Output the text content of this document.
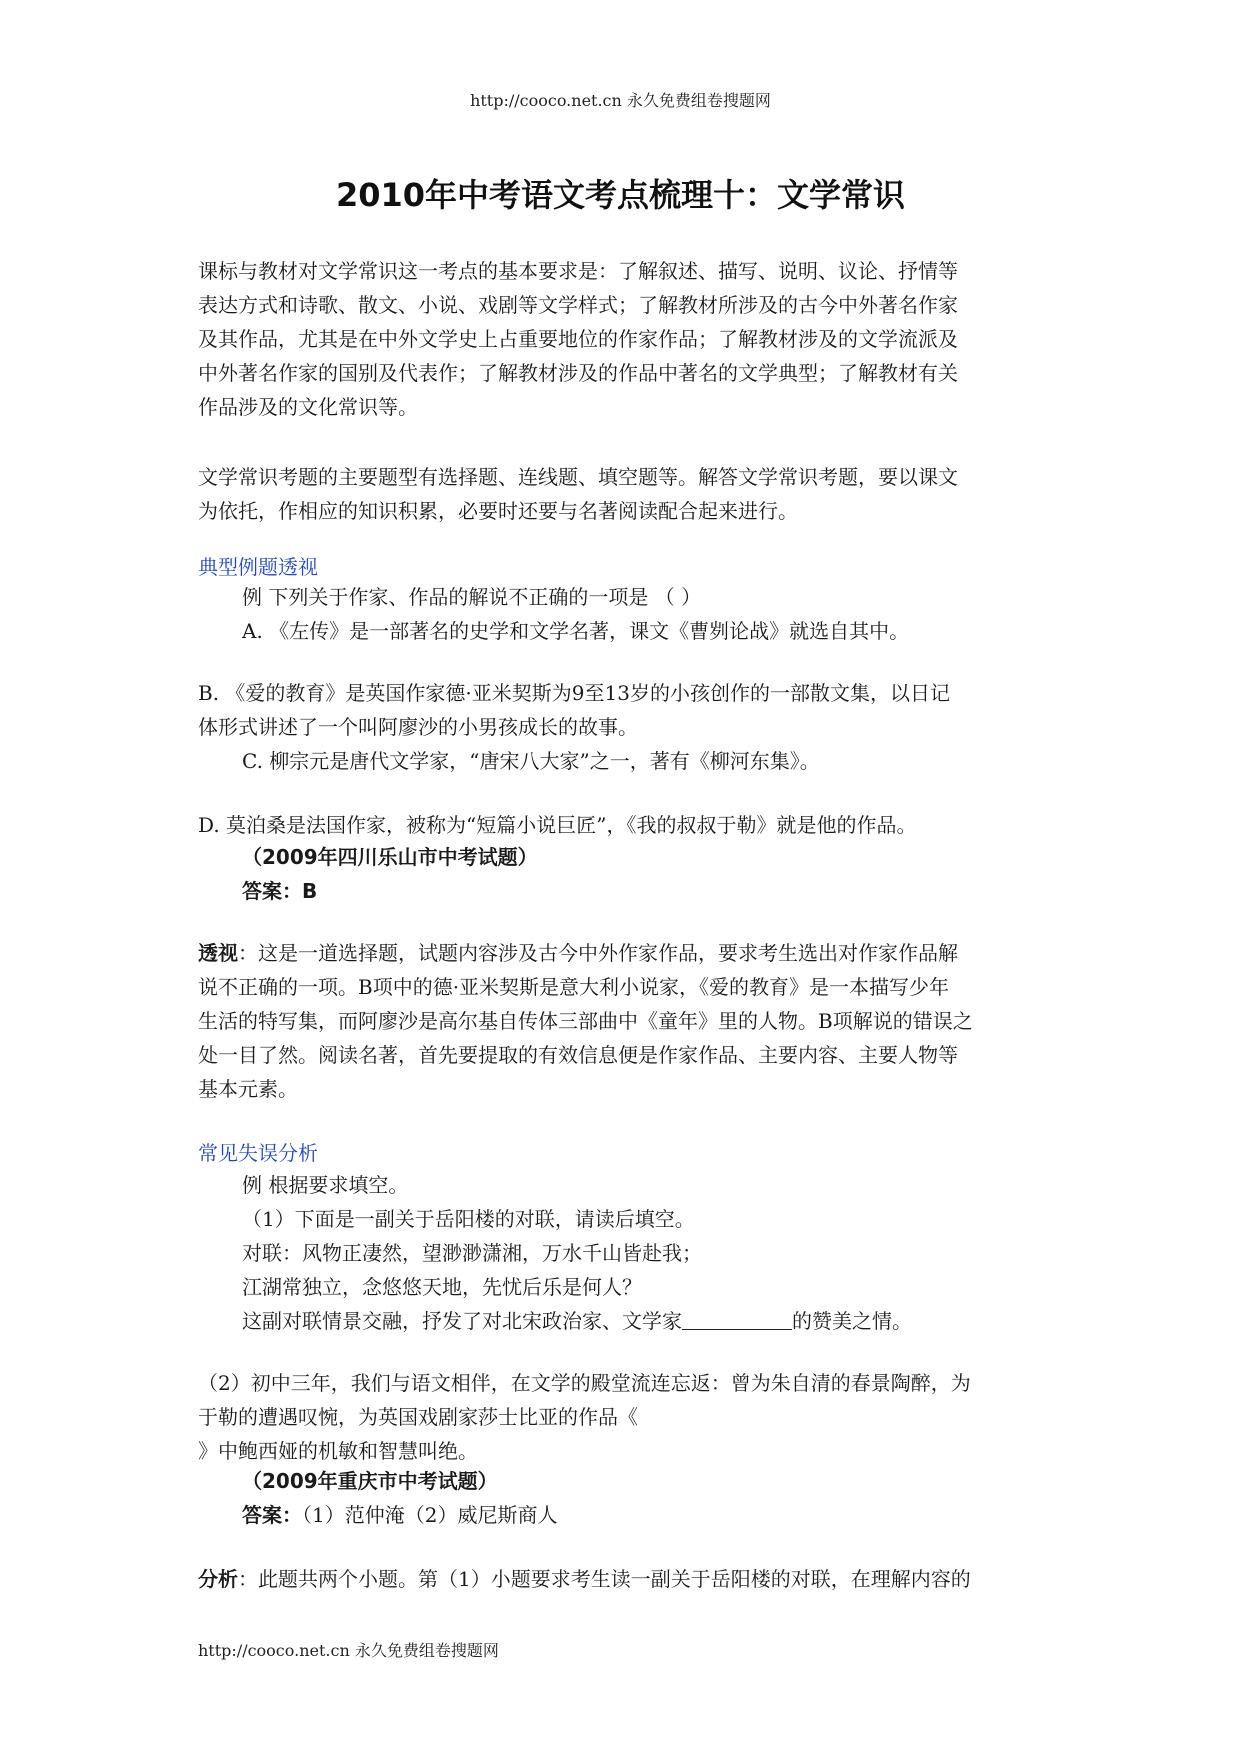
http://cooco.net.cn 永久免费组卷搜题网
2010年中考语文考点梳理十：文学常识
课标与教材对文学常识这一考点的基本要求是：了解叙述、描写、说明、议论、抒情等
表达方式和诗歌、散文、小说、戏剧等文学样式；了解教材所涉及的古今中外著名作家
及其作品，尤其是在中外文学史上占重要地位的作家作品；了解教材涉及的文学流派及
中外著名作家的国别及代表作；了解教材涉及的作品中著名的文学典型；了解教材有关
作品涉及的文化常识等。
文学常识考题的主要题型有选择题、连线题、填空题等。解答文学常识考题，要以课文
为依托，作相应的知识积累，必要时还要与名著阅读配合起来进行。
典型例题透视
例 下列关于作家、作品的解说不正确的一项是 （ ）
A. 《左传》是一部著名的史学和文学名著，课文《曹刿论战》就选自其中。
B. 《爱的教育》是英国作家德·亚米契斯为9至13岁的小孩创作的一部散文集，以日记
体形式讲述了一个叫阿廖沙的小男孩成长的故事。
C. 柳宗元是唐代文学家，“唐宋八大家”之一，著有《柳河东集》。
D. 莫泊桑是法国作家，被称为“短篇小说巨匠”，《我的叔叔于勒》就是他的作品。
（2009年四川乐山市中考试题）
答案：B
透视：这是一道选择题，试题内容涉及古今中外作家作品，要求考生选出对作家作品解
说不正确的一项。B项中的德·亚米契斯是意大利小说家，《爱的教育》是一本描写少年
生活的特写集，而阿廖沙是高尔基自传体三部曲中《童年》里的人物。B项解说的错误之
处一目了然。阅读名著，首先要提取的有效信息便是作家作品、主要内容、主要人物等
基本元素。
常见失误分析
例 根据要求填空。
（1）下面是一副关于岳阳楼的对联，请读后填空。
对联：风物正凄然，望渺渺潇湘，万水千山皆赴我；
江湖常独立，念悠悠天地，先忧后乐是何人？
这副对联情景交融，抒发了对北宋政治家、文学家	的赞美之情。
（2）初中三年，我们与语文相伴，在文学的殿堂流连忘返：曾为朱自清的春景陶醉，为
于勒的遭遇叹惋，为英国戏剧家莎士比亚的作品《
》中鲍西娅的机敏和智慧叫绝。
（2009年重庆市中考试题）
答案：（1）范仲淹（2）威尼斯商人
分析：此题共两个小题。第（1）小题要求考生读一副关于岳阳楼的对联，在理解内容的
http://cooco.net.cn 永久免费组卷搜题网
